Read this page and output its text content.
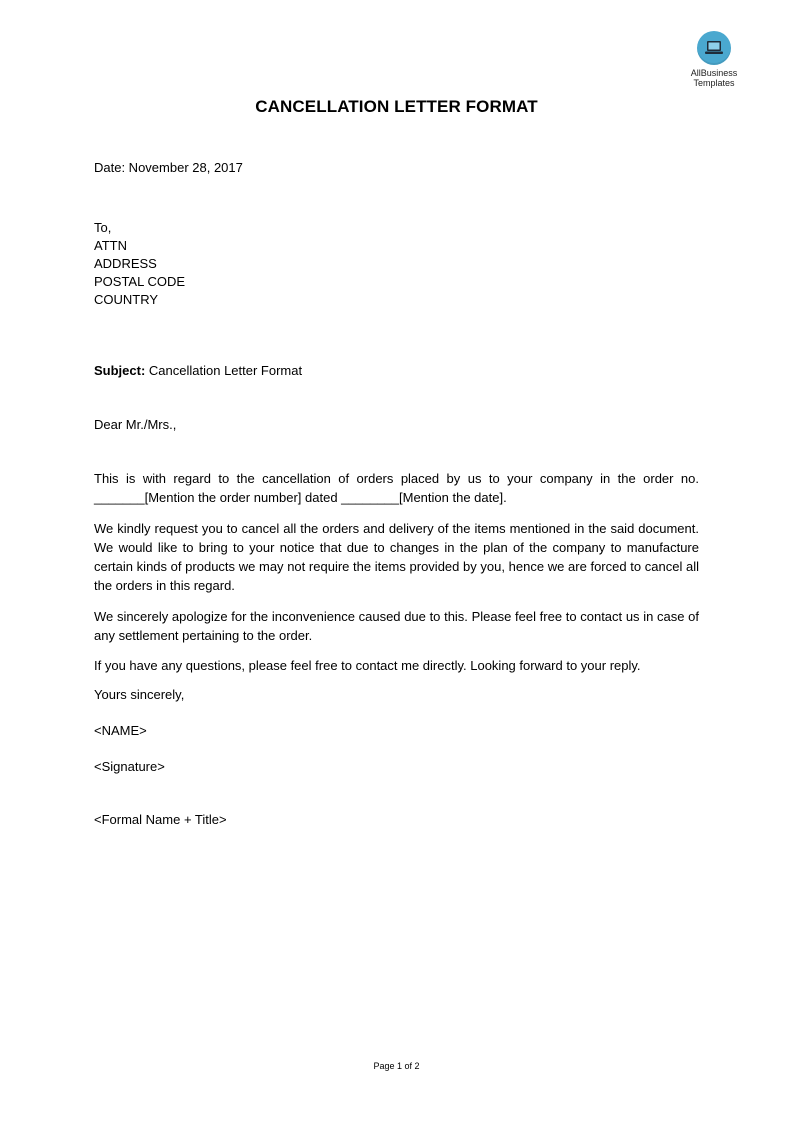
AllBusiness
Templates
CANCELLATION LETTER FORMAT
Date: November 28, 2017
To,
ATTN
ADDRESS
POSTAL CODE
COUNTRY
Subject: Cancellation Letter Format
Dear Mr./Mrs.,
This is with regard to the cancellation of orders placed by us to your company in the order no. _______[Mention the order number] dated ________[Mention the date].
We kindly request you to cancel all the orders and delivery of the items mentioned in the said document. We would like to bring to your notice that due to changes in the plan of the company to manufacture certain kinds of products we may not require the items provided by you, hence we are forced to cancel all the orders in this regard.
We sincerely apologize for the inconvenience caused due to this. Please feel free to contact us in case of any settlement pertaining to the order.
If you have any questions, please feel free to contact me directly. Looking forward to your reply.
Yours sincerely,
<NAME>
<Signature>
<Formal Name + Title>
Page 1 of 2
